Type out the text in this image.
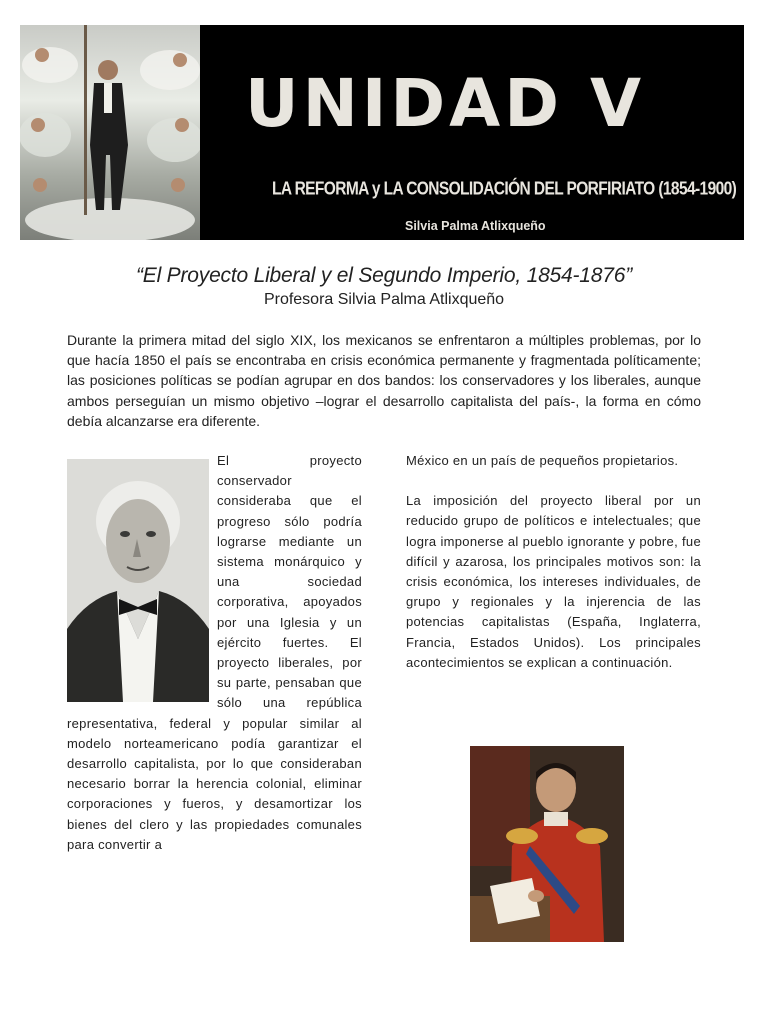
UNIDAD V
LA REFORMA y LA CONSOLIDACIÓN DEL PORFIRIATO (1854-1900)
Silvia Palma Atlixqueño
“El Proyecto Liberal y el Segundo Imperio, 1854-1876”
Profesora Silvia Palma Atlixqueño

Durante la primera mitad del siglo XIX, los mexicanos se enfrentaron a múltiples problemas, por lo que hacía 1850 el país se encontraba en crisis económica permanente y fragmentada políticamente; las posiciones políticas se podían agrupar en dos bandos: los conservadores y los liberales, aunque ambos perseguían un mismo objetivo –lograr el desarrollo capitalista del país-, la forma en cómo debía alcanzarse era diferente.

El proyecto conservador consideraba que el progreso sólo podría lograrse mediante un sistema monárquico y una sociedad corporativa, apoyados por una Iglesia y un ejército fuertes. El proyecto liberales, por su parte, pensaban que sólo una república representativa, federal y popular similar al modelo norteamericano podía garantizar el desarrollo capitalista, por lo que consideraban necesario borrar la herencia colonial, eliminar corporaciones y fueros, y desamortizar los bienes del clero y las propiedades comunales para convertir a

México en un país de pequeños propietarios.

La imposición del proyecto liberal por un reducido grupo de políticos e intelectuales; que logra imponerse al pueblo ignorante y pobre, fue difícil y azarosa, los principales motivos son: la crisis económica, los intereses individuales, de grupo y regionales y la injerencia de las potencias capitalistas (España, Inglaterra, Francia, Estados Unidos). Los principales acontecimientos se explican a continuación.
